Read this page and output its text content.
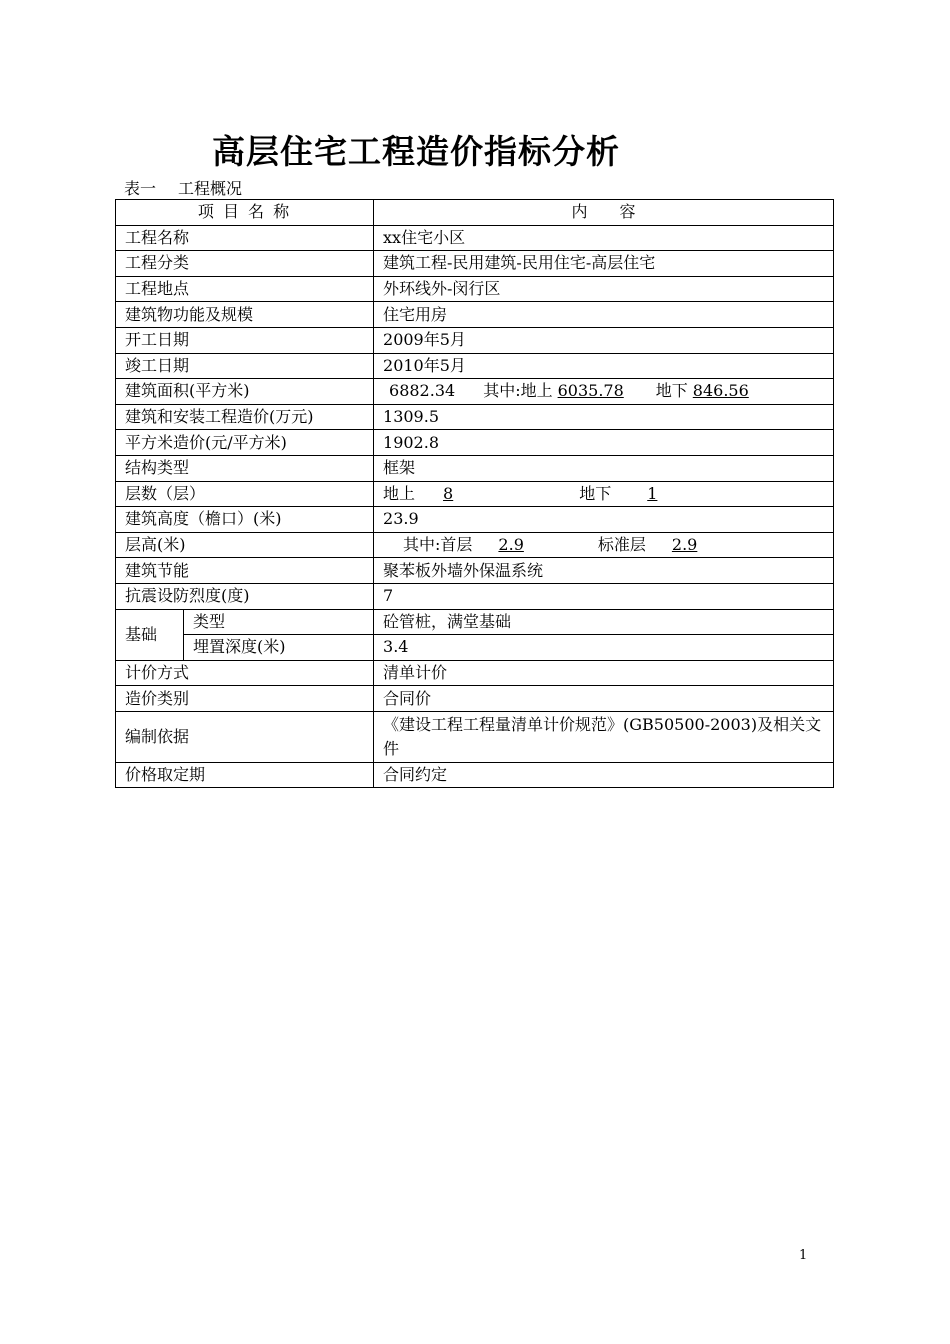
高层住宅工程造价指标分析
表一 工程概况
项 目 名 称		内　　容
工程名称		xx住宅小区
工程分类		建筑工程-民用建筑-民用住宅-高层住宅
工程地点		外环线外-闵行区
建筑物功能及规模		住宅用房
开工日期		2009年5月
竣工日期		2010年5月
建筑面积(平方米)		6882.34 其中:地上 6035.78 地下 846.56
建筑和安装工程造价(万元)		1309.5
平方米造价(元/平方米)		1902.8
结构类型		框架
层数（层）		地上 8 地下 1
建筑高度（檐口）(米)		23.9
层高(米)		其中:首层 2.9 标准层 2.9
建筑节能		聚苯板外墙外保温系统
抗震设防烈度(度)		7
基础	类型	砼管桩，满堂基础
	埋置深度(米)	3.4
计价方式		清单计价
造价类别		合同价
编制依据		《建设工程工程量清单计价规范》(GB50500-2003)及相关文件
价格取定期		合同约定
1
